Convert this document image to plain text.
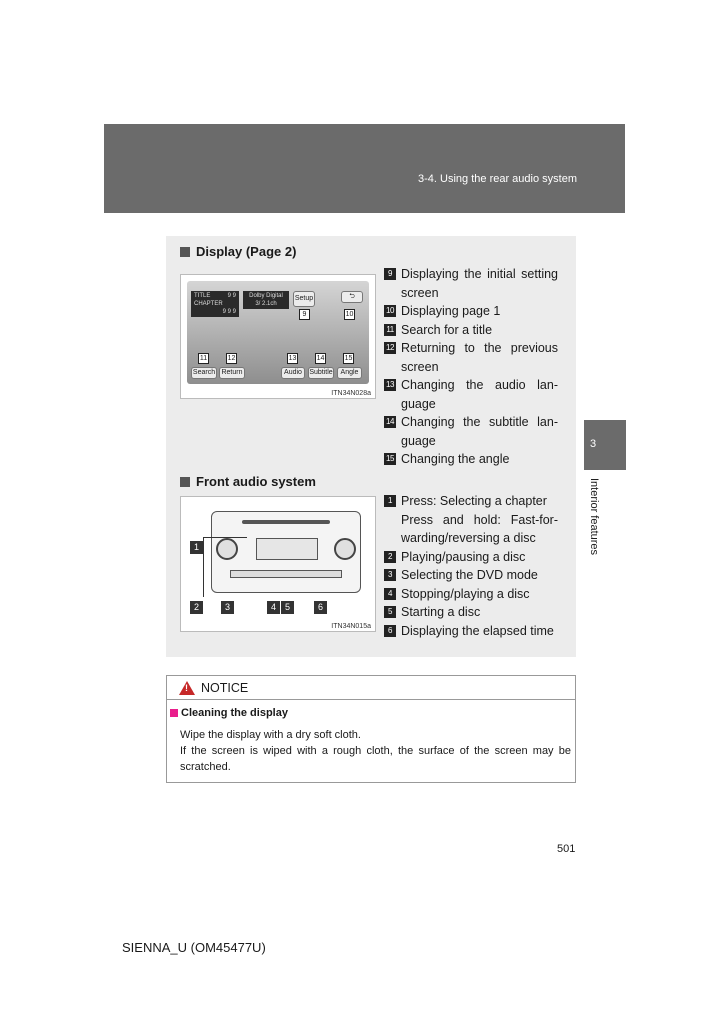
3-4. Using the rear audio system
3
Interior features
Display (Page 2)
TITLE	9 9
CHAPTER
9 9 9
Dolby Digital
3/ 2.1ch
Setup	⮌
Search Return	Audio	Subtitle	Angle
9	10
11	12	13	14	15
ITN34N028a
9 Displaying the initial setting screen
10 Displaying page 1
11 Search for a title
12 Returning to the previous screen
13 Changing the audio lan-guage
14 Changing the subtitle lan-guage
15 Changing the angle
Front audio system
1
2	3	4 5	6
ITN34N015a
1 Press: Selecting a chapter
Press and hold: Fast-for-warding/reversing a disc
2 Playing/pausing a disc
3 Selecting the DVD mode
4 Stopping/playing a disc
5 Starting a disc
6 Displaying the elapsed time
!
NOTICE
Cleaning the display
Wipe the display with a dry soft cloth.
If the screen is wiped with a rough cloth, the surface of the screen may be scratched.
501
SIENNA_U (OM45477U)
